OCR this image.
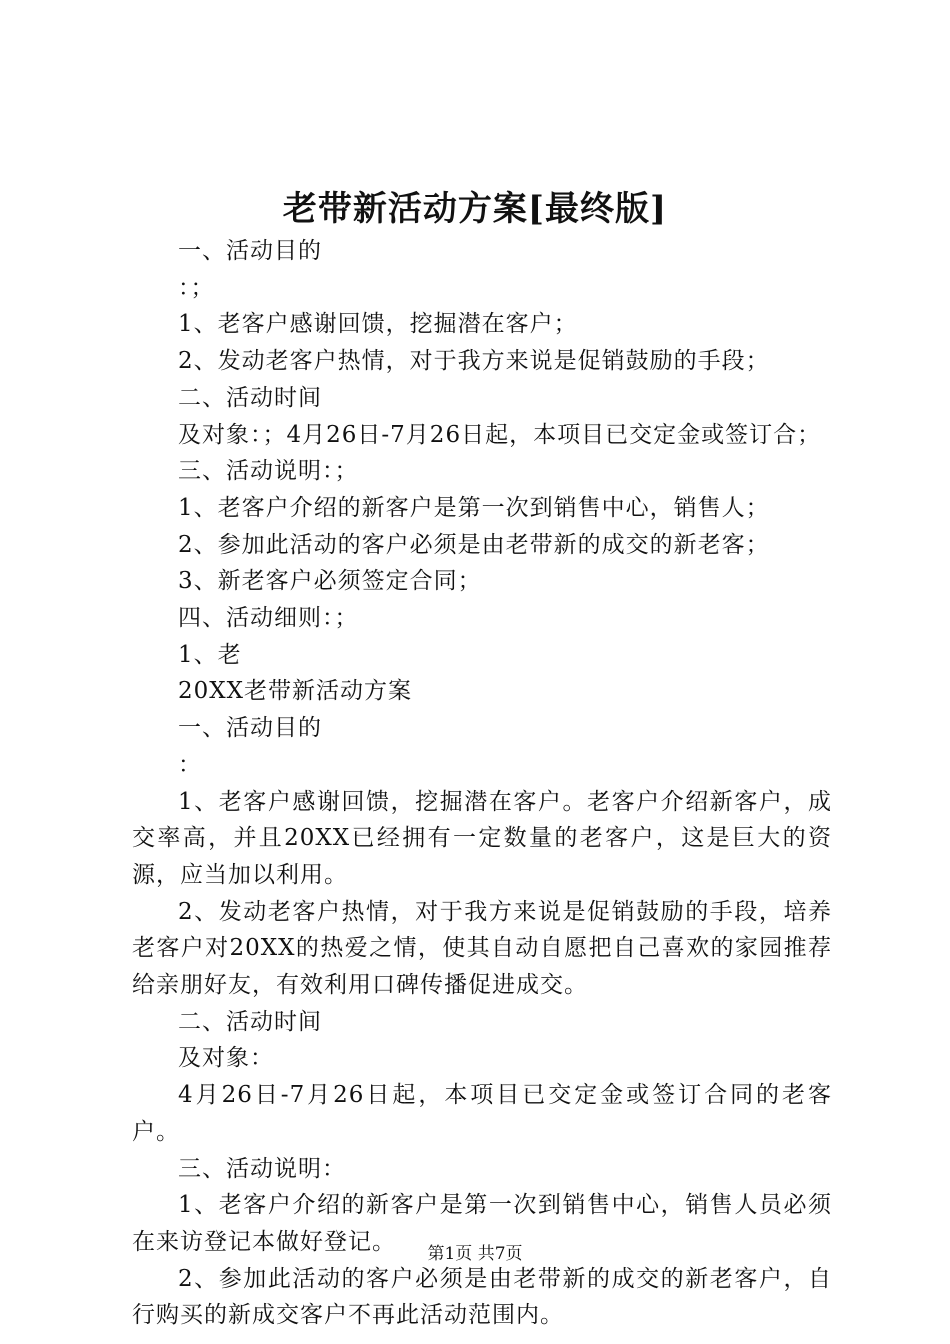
老带新活动方案[最终版]

一、活动目的

：；

1、老客户感谢回馈，挖掘潜在客户；

2、发动老客户热情，对于我方来说是促销鼓励的手段；

二、活动时间

及对象：；4月26日-7月26日起，本项目已交定金或签订合；

三、活动说明：；

1、老客户介绍的新客户是第一次到销售中心，销售人；

2、参加此活动的客户必须是由老带新的成交的新老客；

3、新老客户必须签定合同；

四、活动细则：；

1、老

20XX老带新活动方案

一、活动目的

：

1、老客户感谢回馈，挖掘潜在客户。老客户介绍新客户，成交率高，并且20XX已经拥有一定数量的老客户，这是巨大的资源，应当加以利用。

2、发动老客户热情，对于我方来说是促销鼓励的手段，培养老客户对20XX的热爱之情，使其自动自愿把自己喜欢的家园推荐给亲朋好友，有效利用口碑传播促进成交。

二、活动时间

及对象：

4月26日-7月26日起，本项目已交定金或签订合同的老客户。

三、活动说明：

1、老客户介绍的新客户是第一次到销售中心，销售人员必须在来访登记本做好登记。

2、参加此活动的客户必须是由老带新的成交的新老客户，自行购买的新成交客户不再此活动范围内。

第1页 共7页
